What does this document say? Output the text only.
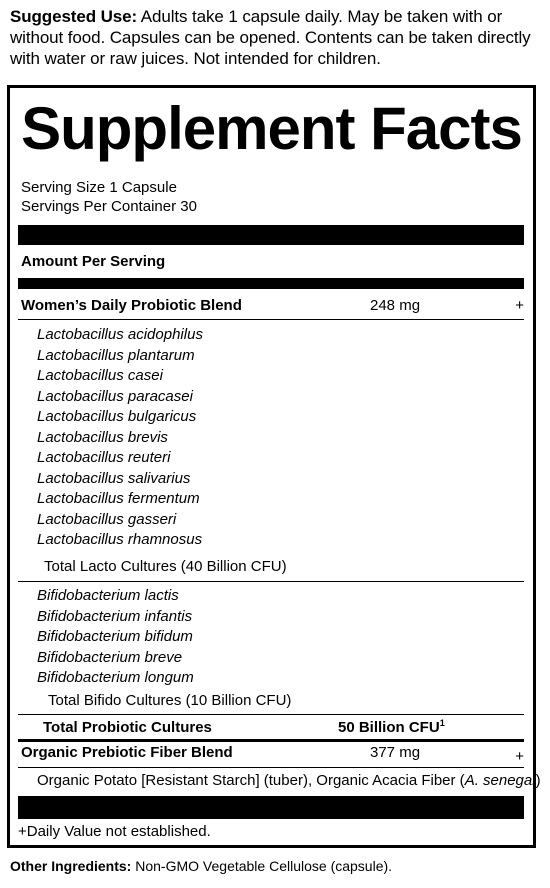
Suggested Use: Adults take 1 capsule daily. May be taken with or without food. Capsules can be opened. Contents can be taken directly with water or raw juices. Not intended for children.
Supplement Facts
Serving Size 1 Capsule
Servings Per Container 30
Amount Per Serving
Women’s Daily Probiotic Blend	248 mg	+
Lactobacillus acidophilus
Lactobacillus plantarum
Lactobacillus casei
Lactobacillus paracasei
Lactobacillus bulgaricus
Lactobacillus brevis
Lactobacillus reuteri
Lactobacillus salivarius
Lactobacillus fermentum
Lactobacillus gasseri
Lactobacillus rhamnosus
Total Lacto Cultures (40 Billion CFU)
Bifidobacterium lactis
Bifidobacterium infantis
Bifidobacterium bifidum
Bifidobacterium breve
Bifidobacterium longum
Total Bifido Cultures (10 Billion CFU)
Total Probiotic Cultures	50 Billion CFU$^1$
Organic Prebiotic Fiber Blend	377 mg	+
Organic Potato [Resistant Starch] (tuber), Organic Acacia Fiber (A. senegal)
+Daily Value not established.
Other Ingredients: Non-GMO Vegetable Cellulose (capsule).
